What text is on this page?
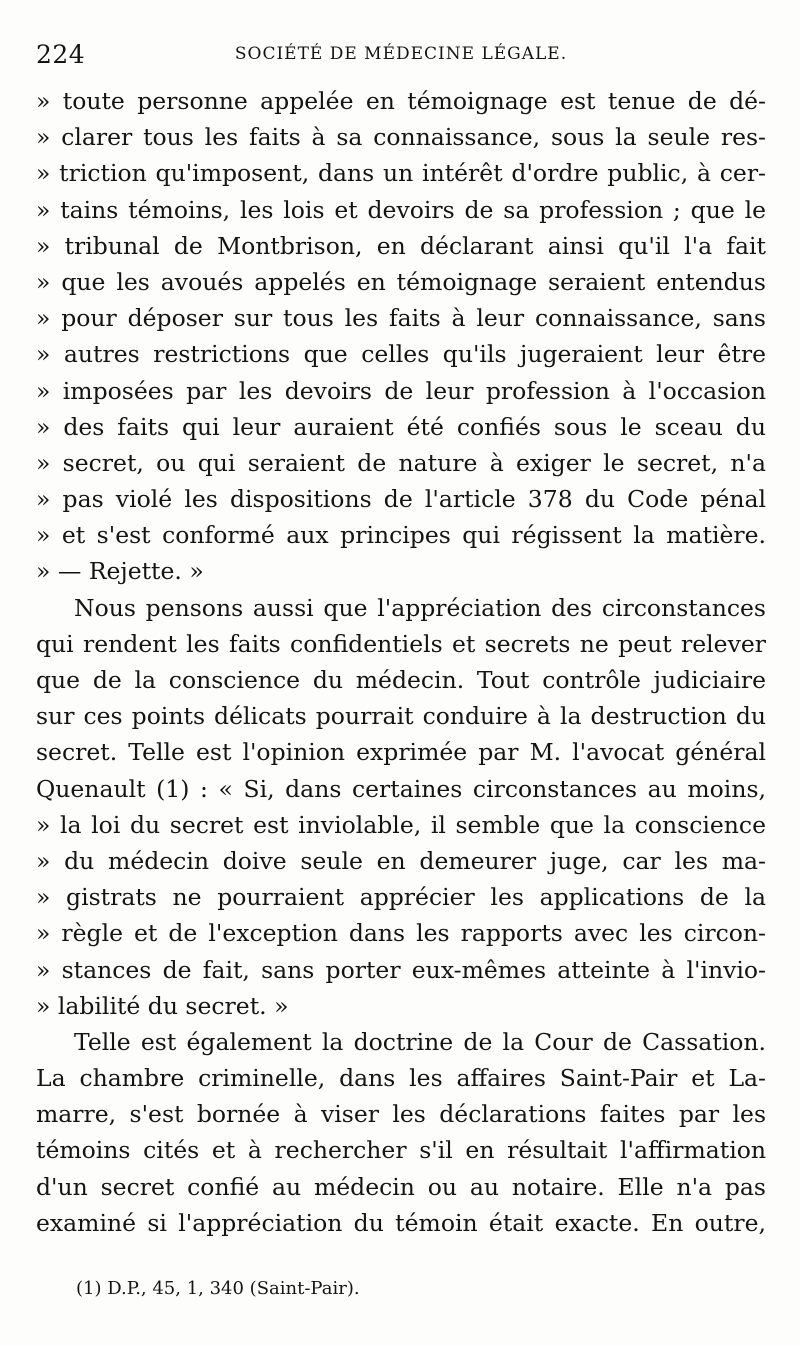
224	SOCIÉTÉ DE MÉDECINE LÉGALE.
» toute personne appelée en témoignage est tenue de dé-
» clarer tous les faits à sa connaissance, sous la seule res-
» triction qu'imposent, dans un intérêt d'ordre public, à cer-
» tains témoins, les lois et devoirs de sa profession ; que le
» tribunal de Montbrison, en déclarant ainsi qu'il l'a fait
» que les avoués appelés en témoignage seraient entendus
» pour déposer sur tous les faits à leur connaissance, sans
» autres restrictions que celles qu'ils jugeraient leur être
» imposées par les devoirs de leur profession à l'occasion
» des faits qui leur auraient été confiés sous le sceau du
» secret, ou qui seraient de nature à exiger le secret, n'a
» pas violé les dispositions de l'article 378 du Code pénal
» et s'est conformé aux principes qui régissent la matière.
» — Rejette. »
Nous pensons aussi que l'appréciation des circonstances
qui rendent les faits confidentiels et secrets ne peut relever
que de la conscience du médecin. Tout contrôle judiciaire
sur ces points délicats pourrait conduire à la destruction du
secret. Telle est l'opinion exprimée par M. l'avocat général
Quenault (1) : « Si, dans certaines circonstances au moins,
» la loi du secret est inviolable, il semble que la conscience
» du médecin doive seule en demeurer juge, car les ma-
» gistrats ne pourraient apprécier les applications de la
» règle et de l'exception dans les rapports avec les circon-
» stances de fait, sans porter eux-mêmes atteinte à l'invio-
» labilité du secret. »
Telle est également la doctrine de la Cour de Cassation.
La chambre criminelle, dans les affaires Saint-Pair et La-
marre, s'est bornée à viser les déclarations faites par les
témoins cités et à rechercher s'il en résultait l'affirmation
d'un secret confié au médecin ou au notaire. Elle n'a pas
examiné si l'appréciation du témoin était exacte. En outre,
(1) D.P., 45, 1, 340 (Saint-Pair).
